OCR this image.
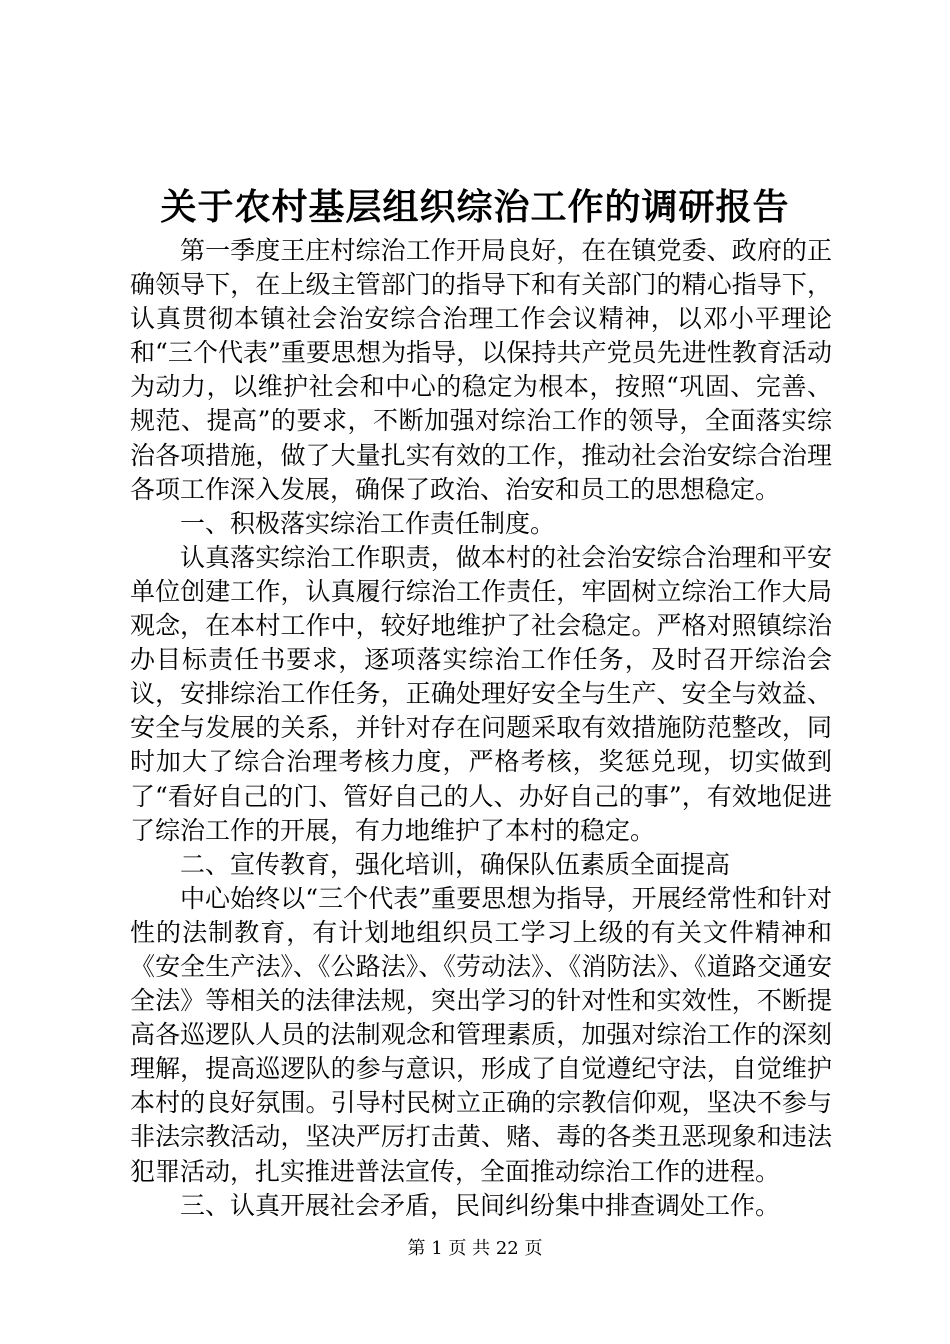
关于农村基层组织综治工作的调研报告

第一季度王庄村综治工作开局良好，在在镇党委、政府的正确领导下，在上级主管部门的指导下和有关部门的精心指导下，认真贯彻本镇社会治安综合治理工作会议精神，以邓小平理论和“三个代表”重要思想为指导，以保持共产党员先进性教育活动为动力，以维护社会和中心的稳定为根本，按照“巩固、完善、规范、提高”的要求，不断加强对综治工作的领导，全面落实综治各项措施，做了大量扎实有效的工作，推动社会治安综合治理各项工作深入发展，确保了政治、治安和员工的思想稳定。

一、积极落实综治工作责任制度。

认真落实综治工作职责，做本村的社会治安综合治理和平安单位创建工作，认真履行综治工作责任，牢固树立综治工作大局观念，在本村工作中，较好地维护了社会稳定。严格对照镇综治办目标责任书要求，逐项落实综治工作任务，及时召开综治会议，安排综治工作任务，正确处理好安全与生产、安全与效益、安全与发展的关系，并针对存在问题采取有效措施防范整改，同时加大了综合治理考核力度，严格考核，奖惩兑现，切实做到了“看好自己的门、管好自己的人、办好自己的事”，有效地促进了综治工作的开展，有力地维护了本村的稳定。

二、宣传教育，强化培训，确保队伍素质全面提高

中心始终以“三个代表”重要思想为指导，开展经常性和针对性的法制教育，有计划地组织员工学习上级的有关文件精神和《安全生产法》、《公路法》、《劳动法》、《消防法》、《道路交通安全法》等相关的法律法规，突出学习的针对性和实效性，不断提高各巡逻队人员的法制观念和管理素质，加强对综治工作的深刻理解，提高巡逻队的参与意识，形成了自觉遵纪守法，自觉维护本村的良好氛围。引导村民树立正确的宗教信仰观，坚决不参与非法宗教活动，坚决严厉打击黄、赌、毒的各类丑恶现象和违法犯罪活动，扎实推进普法宣传，全面推动综治工作的进程。

三、认真开展社会矛盾，民间纠纷集中排查调处工作。

第 1 页 共 22 页
